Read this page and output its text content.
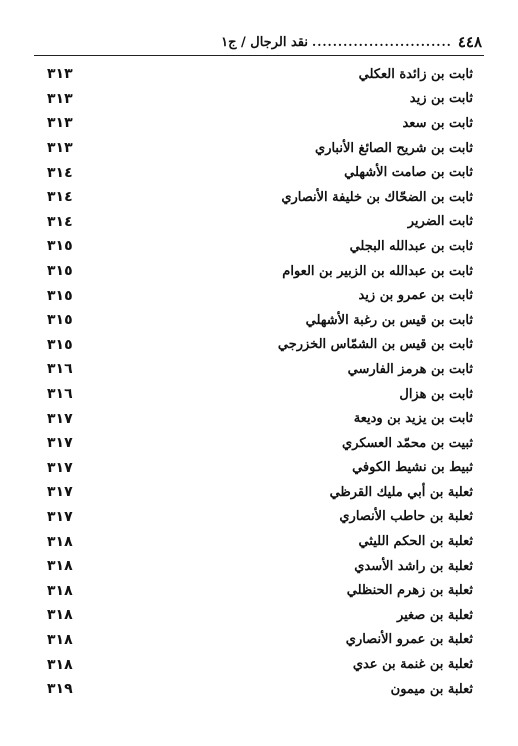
٤٤٨
...........................
نقد الرجال / ج١
ثابت بن زائدة العكلي
٣١٣
ثابت بن زيد
٣١٣
ثابت بن سعد
٣١٣
ثابت بن شريح الصائغ الأنباري
٣١٣
ثابت بن صامت الأشهلي
٣١٤
ثابت بن الضحّاك بن خليفة الأنصاري
٣١٤
ثابت الضرير
٣١٤
ثابت بن عبدالله البجلي
٣١٥
ثابت بن عبدالله بن الزبير بن العوام
٣١٥
ثابت بن عمرو بن زيد
٣١٥
ثابت بن قيس بن رغبة الأشهلي
٣١٥
ثابت بن قيس بن الشمّاس الخزرجي
٣١٥
ثابت بن هرمز الفارسي
٣١٦
ثابت بن هزال
٣١٦
ثابت بن يزيد بن وديعة
٣١٧
ثبيت بن محمّد العسكري
٣١٧
ثبيط بن نشيط الكوفي
٣١٧
ثعلبة بن أبي مليك القرظي
٣١٧
ثعلبة بن حاطب الأنصاري
٣١٧
ثعلبة بن الحكم الليثي
٣١٨
ثعلبة بن راشد الأسدي
٣١٨
ثعلبة بن زهرم الحنظلي
٣١٨
ثعلبة بن صغير
٣١٨
ثعلبة بن عمرو الأنصاري
٣١٨
ثعلبة بن غنمة بن عدي
٣١٨
ثعلبة بن ميمون
٣١٩
